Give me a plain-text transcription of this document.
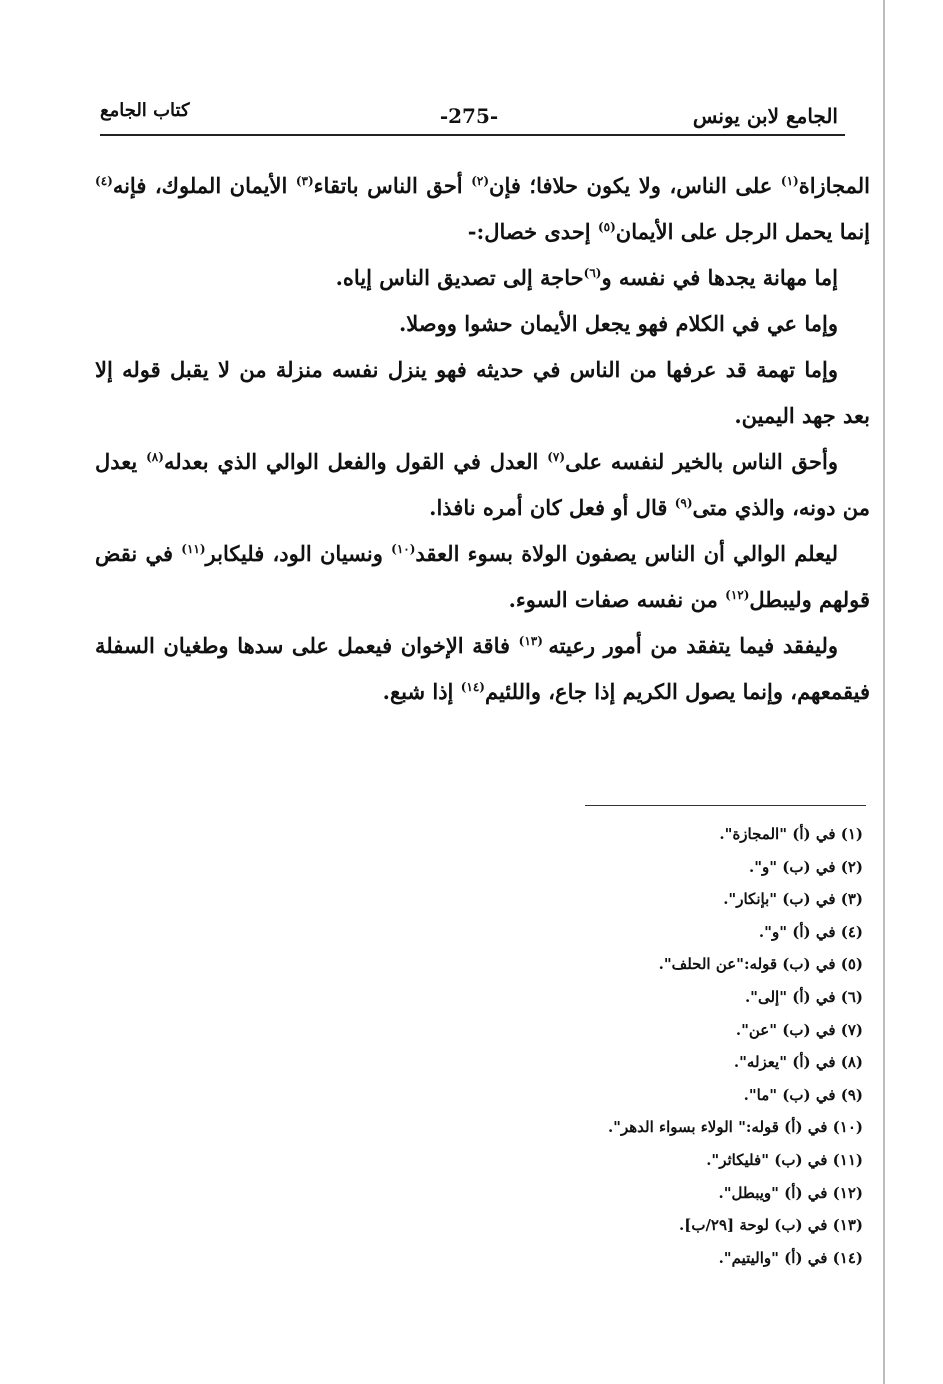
الجامع لابن يونس
-275-
كتاب الجامع

المجازاة$^{(١)}$ على الناس، ولا يكون حلافا؛ فإن$^{(٢)}$ أحق الناس باتقاء$^{(٣)}$ الأيمان الملوك، فإنه$^{(٤)}$ إنما يحمل الرجل على الأيمان$^{(٥)}$ إحدى خصال:-

إما مهانة يجدها في نفسه و$^{(٦)}$حاجة إلى تصديق الناس إياه.

وإما عي في الكلام فهو يجعل الأيمان حشوا ووصلا.

وإما تهمة قد عرفها من الناس في حديثه فهو ينزل نفسه منزلة من لا يقبل قوله إلا بعد جهد اليمين.

وأحق الناس بالخير لنفسه على$^{(٧)}$ العدل في القول والفعل الوالي الذي بعدله$^{(٨)}$ يعدل من دونه، والذي متى$^{(٩)}$ قال أو فعل كان أمره نافذا.

ليعلم الوالي أن الناس يصفون الولاة بسوء العقد$^{(١٠)}$ ونسيان الود، فليكابر$^{(١١)}$ في نقض قولهم وليبطل$^{(١٢)}$ من نفسه صفات السوء.

وليفقد فيما يتفقد من أمور رعيته $^{(١٣)}$ فاقة الإخوان فيعمل على سدها وطغيان السفلة فيقمعهم، وإنما يصول الكريم إذا جاع، واللئيم$^{(١٤)}$ إذا شبع.

(١) في (أ) "المجازة".
(٢) في (ب) "و".
(٣) في (ب) "بإنكار".
(٤) في (أ) "و".
(٥) في (ب) قوله:"عن الحلف".
(٦) في (أ) "إلى".
(٧) في (ب) "عن".
(٨) في (أ) "يعزله".
(٩) في (ب) "ما".
(١٠) في (أ) قوله:" الولاء بسواء الدهر".
(١١) في (ب) "فليكاثر".
(١٢) في (أ) "ويبطل".
(١٣) في (ب) لوحة [٢٩/ب].
(١٤) في (أ) "واليتيم".
